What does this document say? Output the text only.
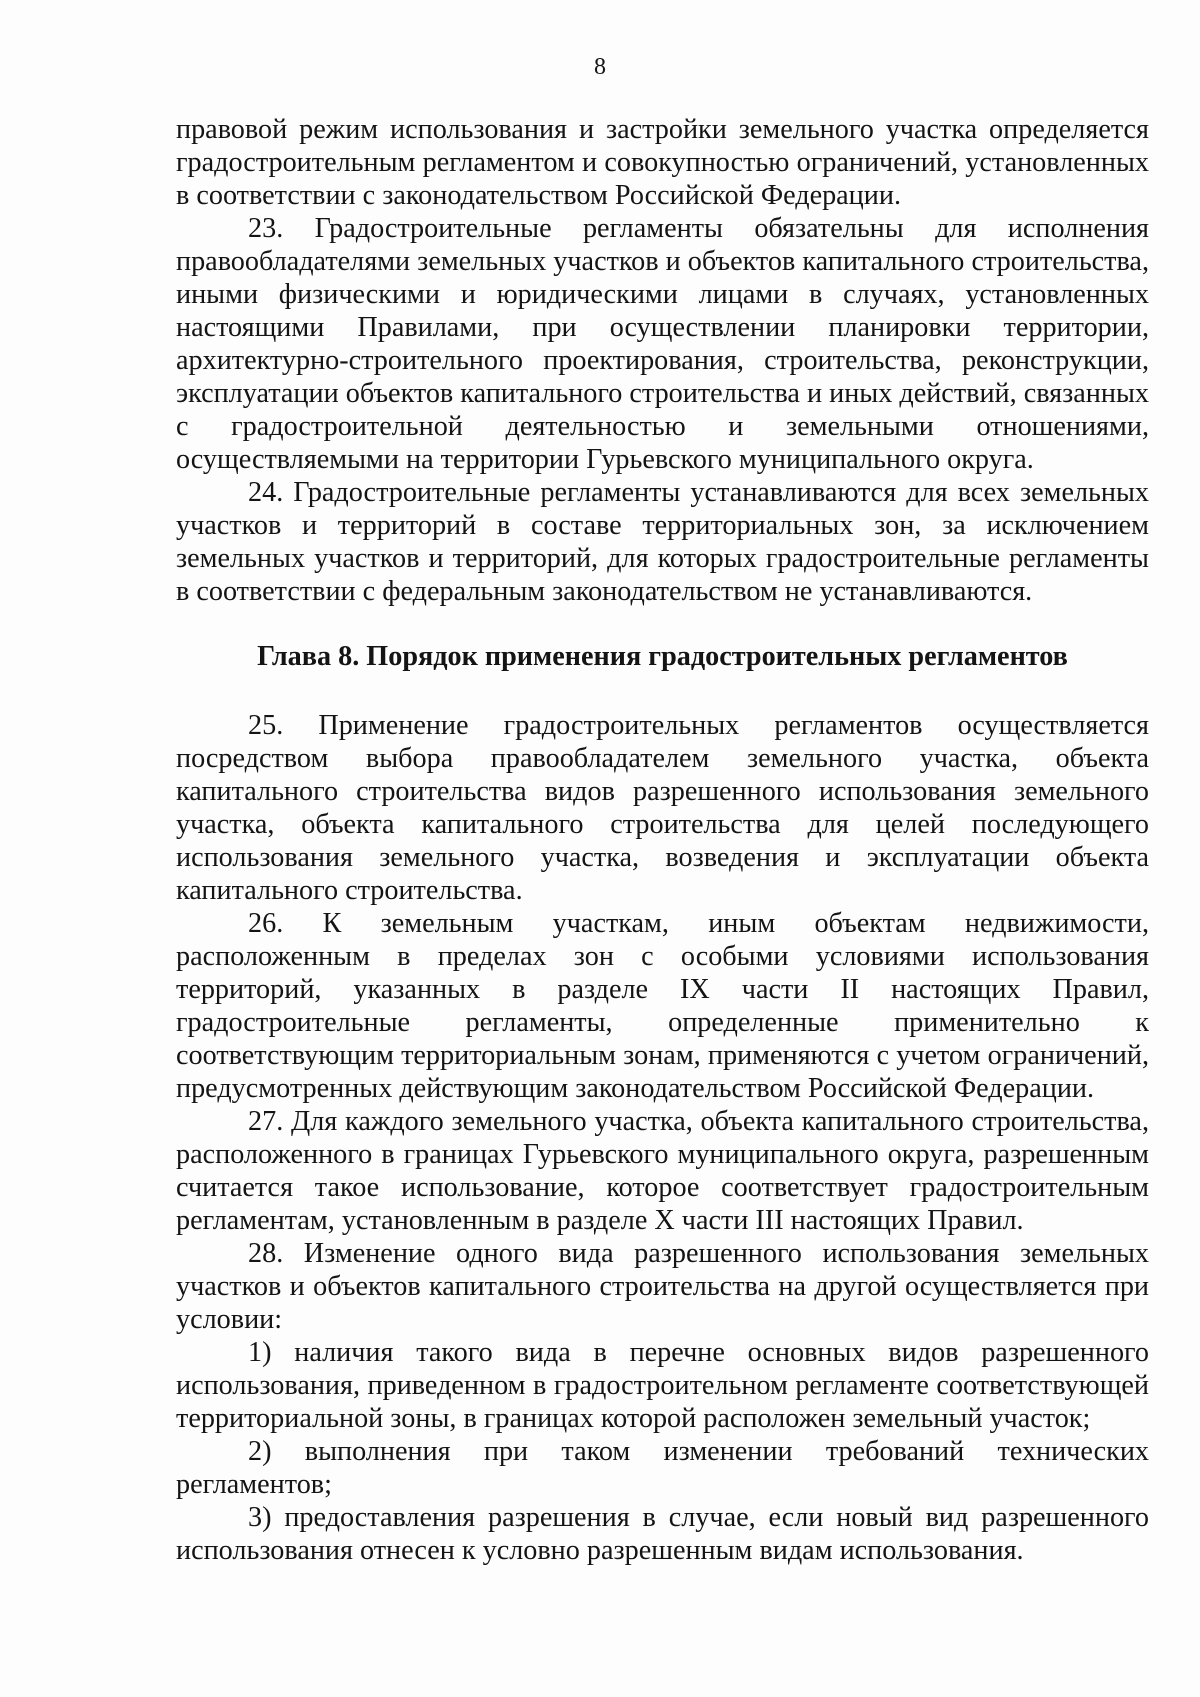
8

правовой режим использования и застройки земельного участка определяется градостроительным регламентом и совокупностью ограничений, установленных в соответствии с законодательством Российской Федерации.

23. Градостроительные регламенты обязательны для исполнения правообладателями земельных участков и объектов капитального строительства, иными физическими и юридическими лицами в случаях, установленных настоящими Правилами, при осуществлении планировки территории, архитектурно-строительного проектирования, строительства, реконструкции, эксплуатации объектов капитального строительства и иных действий, связанных с градостроительной деятельностью и земельными отношениями, осуществляемыми на территории Гурьевского муниципального округа.

24. Градостроительные регламенты устанавливаются для всех земельных участков и территорий в составе территориальных зон, за исключением земельных участков и территорий, для которых градостроительные регламенты в соответствии с федеральным законодательством не устанавливаются.

Глава 8. Порядок применения градостроительных регламентов

25. Применение градостроительных регламентов осуществляется посредством выбора правообладателем земельного участка, объекта капитального строительства видов разрешенного использования земельного участка, объекта капитального строительства для целей последующего использования земельного участка, возведения и эксплуатации объекта капитального строительства.

26. К земельным участкам, иным объектам недвижимости, расположенным в пределах зон с особыми условиями использования территорий, указанных в разделе IX части II настоящих Правил, градостроительные регламенты, определенные применительно к соответствующим территориальным зонам, применяются с учетом ограничений, предусмотренных действующим законодательством Российской Федерации.

27. Для каждого земельного участка, объекта капитального строительства, расположенного в границах Гурьевского муниципального округа, разрешенным считается такое использование, которое соответствует градостроительным регламентам, установленным в разделе X части III настоящих Правил.

28. Изменение одного вида разрешенного использования земельных участков и объектов капитального строительства на другой осуществляется при условии:

1) наличия такого вида в перечне основных видов разрешенного использования, приведенном в градостроительном регламенте соответствующей территориальной зоны, в границах которой расположен земельный участок;

2) выполнения при таком изменении требований технических регламентов;

3) предоставления разрешения в случае, если новый вид разрешенного использования отнесен к условно разрешенным видам использования.
